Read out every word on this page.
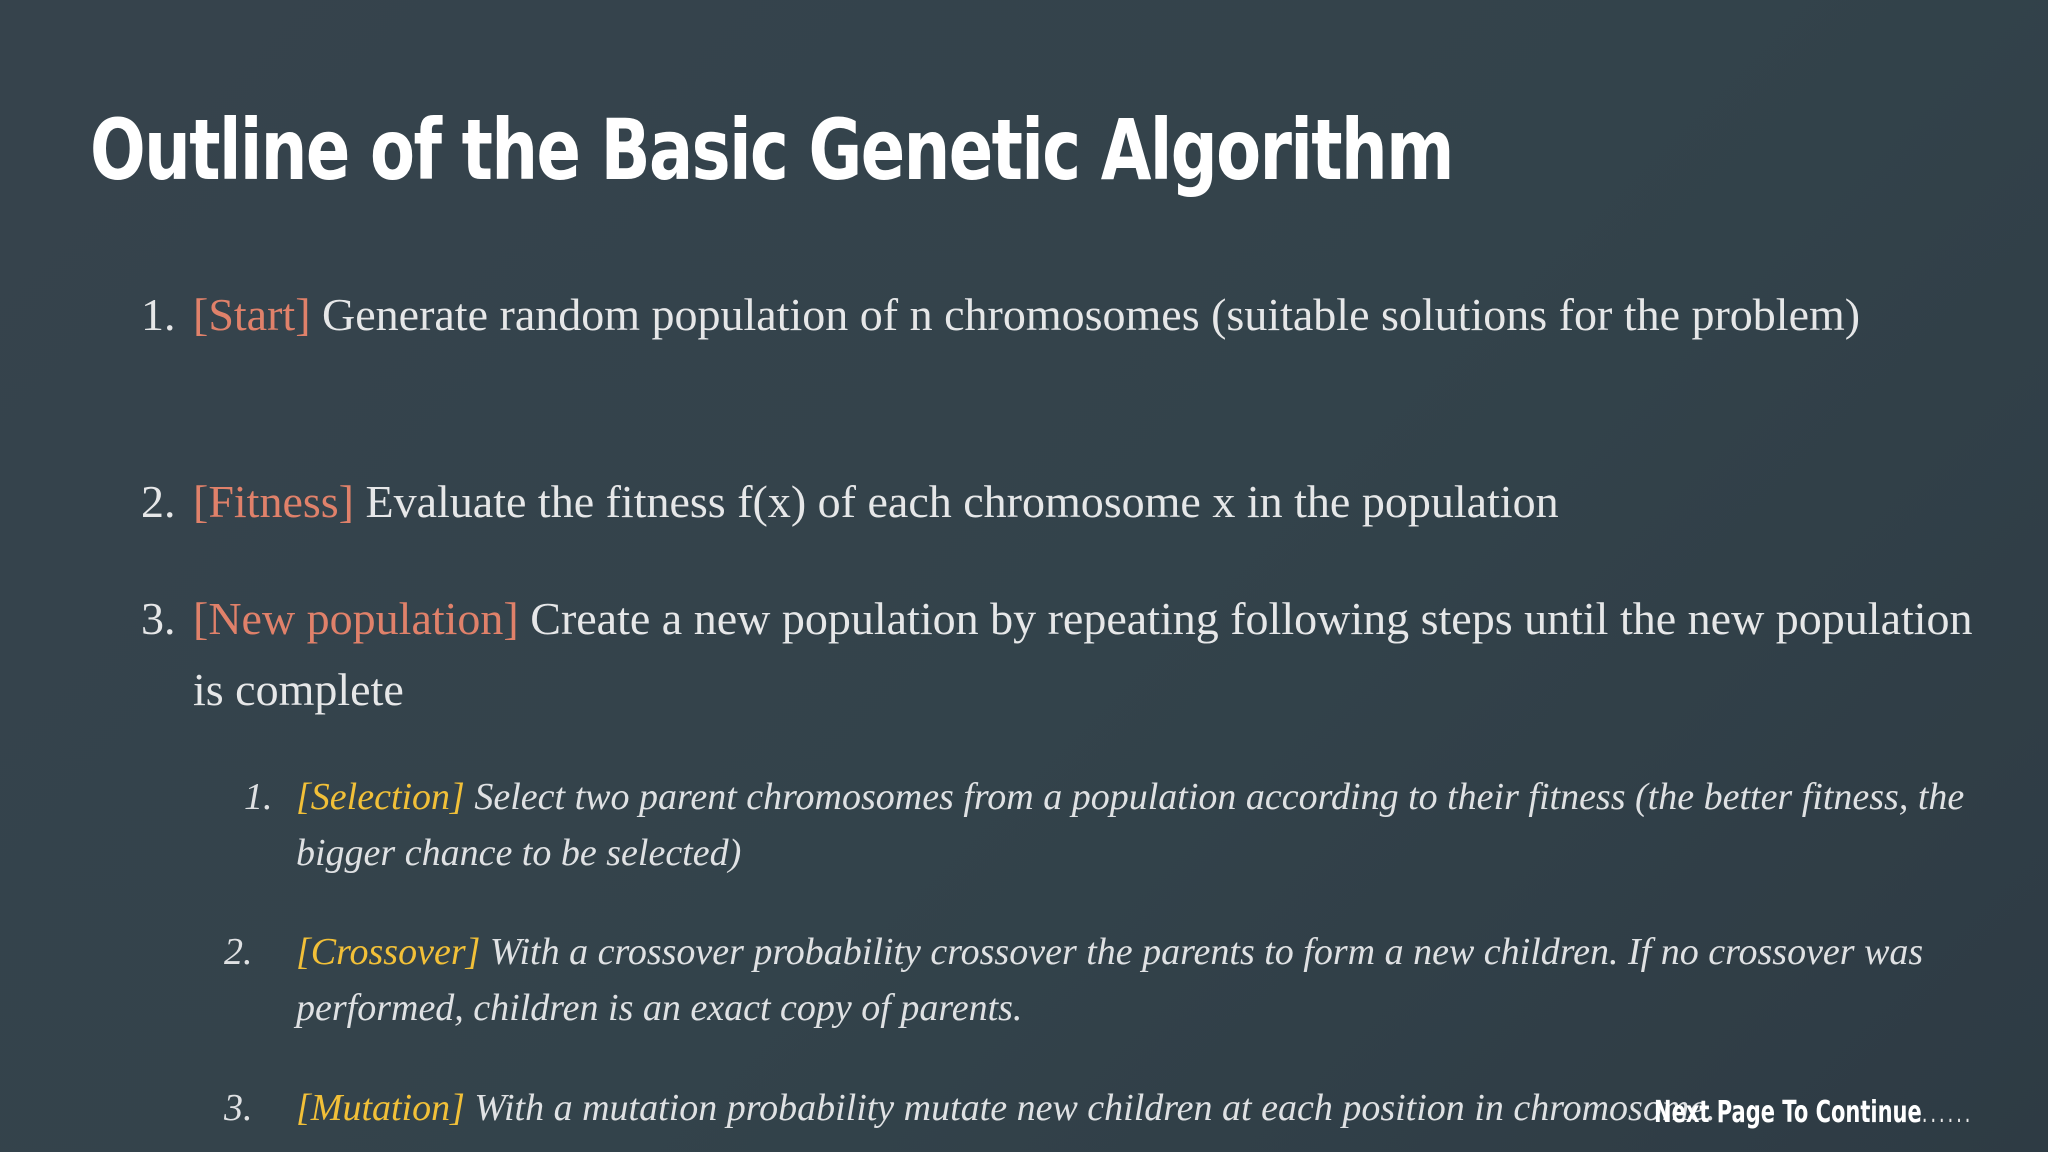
Outline of the Basic Genetic Algorithm
1. [Start] Generate random population of n chromosomes (suitable solutions for the problem)
2. [Fitness] Evaluate the fitness f(x) of each chromosome x in the population
3. [New population] Create a new population by repeating following steps until the new population is complete
1. [Selection] Select two parent chromosomes from a population according to their fitness (the better fitness, the bigger chance to be selected)
2. [Crossover] With a crossover probability crossover the parents to form a new children. If no crossover was performed, children is an exact copy of parents.
3. [Mutation] With a mutation probability mutate new children at each position in chromosome.
Next Page To Continue......
